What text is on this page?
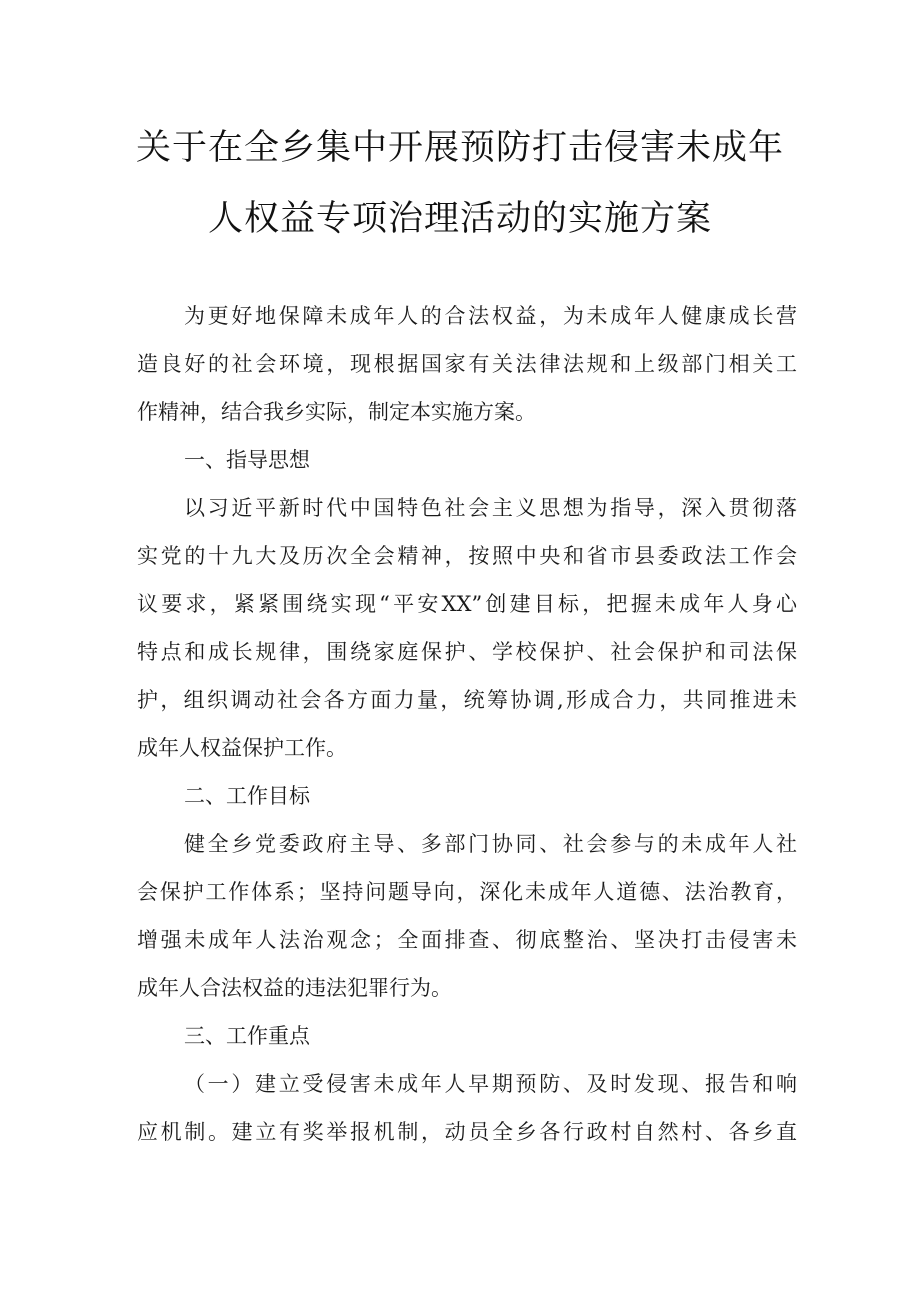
关于在全乡集中开展预防打击侵害未成年
人权益专项治理活动的实施方案
为更好地保障未成年人的合法权益，为未成年人健康成长营
造良好的社会环境，现根据国家有关法律法规和上级部门相关工
作精神，结合我乡实际，制定本实施方案。
一、指导思想
以习近平新时代中国特色社会主义思想为指导，深入贯彻落
实党的十九大及历次全会精神，按照中央和省市县委政法工作会
议要求，紧紧围绕实现“平安XX”创建目标，把握未成年人身心
特点和成长规律，围绕家庭保护、学校保护、社会保护和司法保
护，组织调动社会各方面力量，统筹协调,形成合力，共同推进未
成年人权益保护工作。
二、工作目标
健全乡党委政府主导、多部门协同、社会参与的未成年人社
会保护工作体系；坚持问题导向，深化未成年人道德、法治教育，
增强未成年人法治观念；全面排查、彻底整治、坚决打击侵害未
成年人合法权益的违法犯罪行为。
三、工作重点
（一）建立受侵害未成年人早期预防、及时发现、报告和响
应机制。建立有奖举报机制，动员全乡各行政村自然村、各乡直
